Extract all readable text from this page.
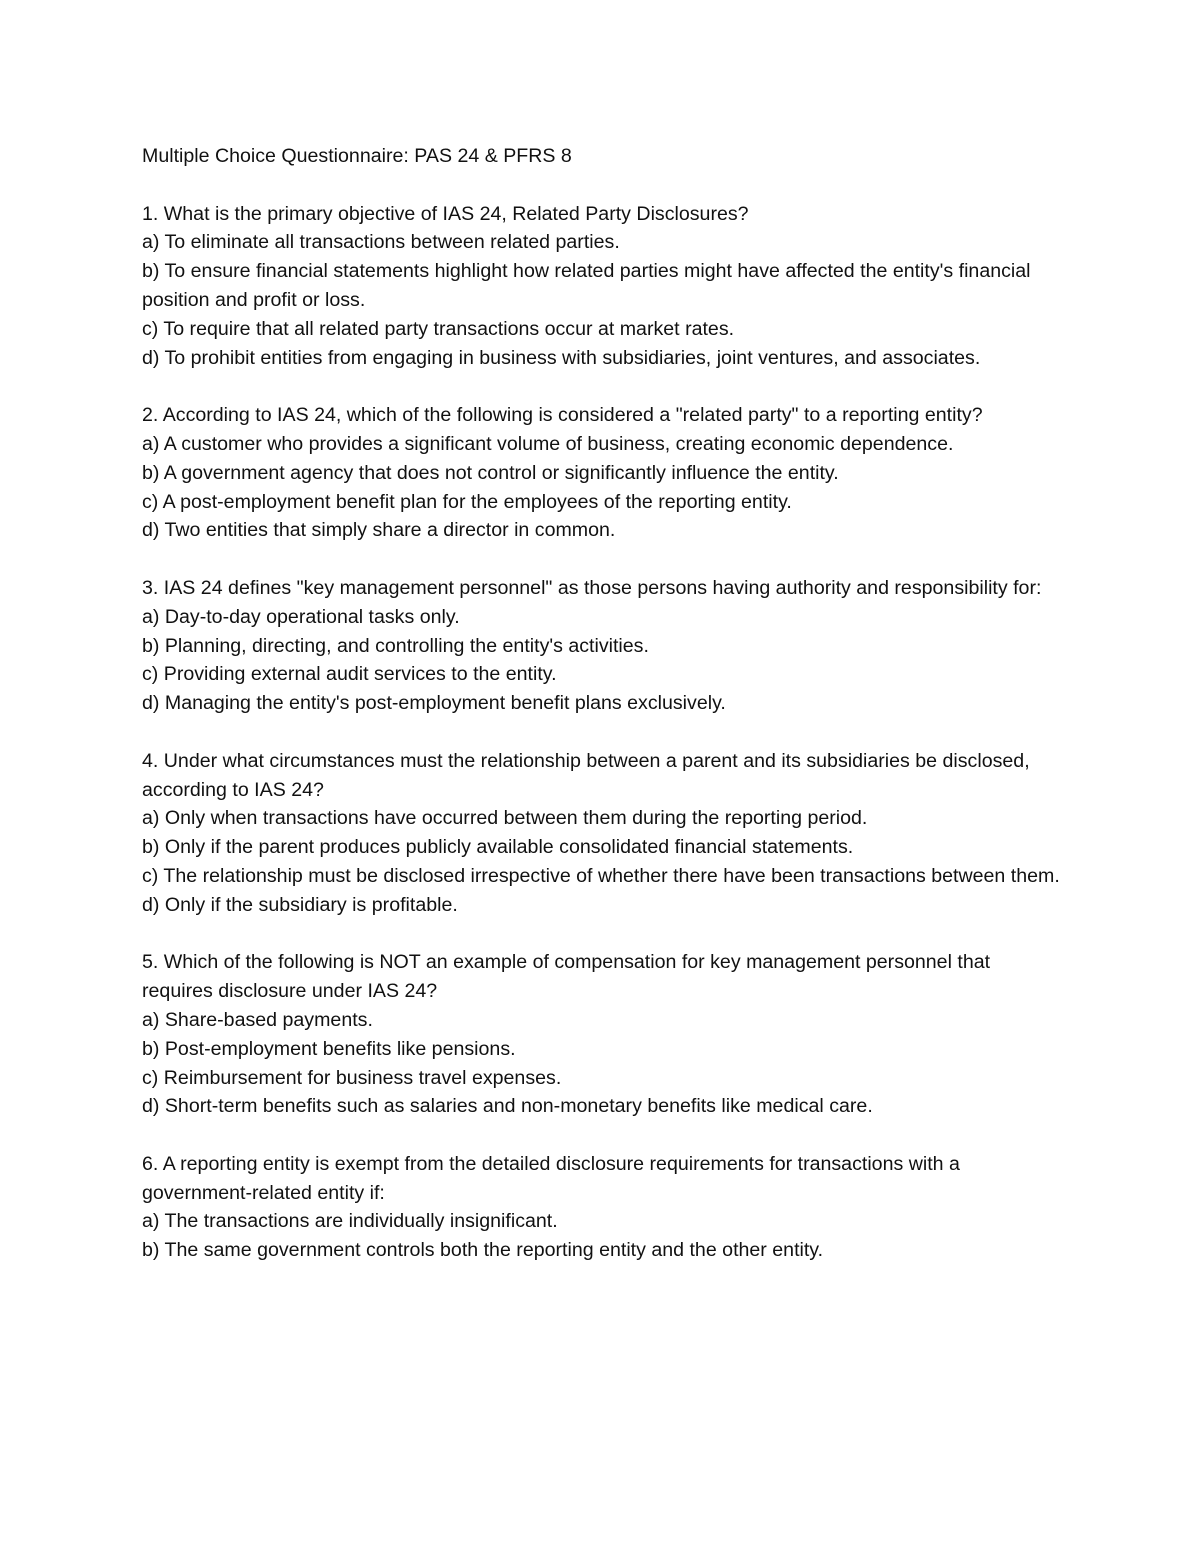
Multiple Choice Questionnaire: PAS 24 & PFRS 8
1. What is the primary objective of IAS 24, Related Party Disclosures?
a) To eliminate all transactions between related parties.
b) To ensure financial statements highlight how related parties might have affected the entity's financial position and profit or loss.
c) To require that all related party transactions occur at market rates.
d) To prohibit entities from engaging in business with subsidiaries, joint ventures, and associates.
2. According to IAS 24, which of the following is considered a "related party" to a reporting entity?
a) A customer who provides a significant volume of business, creating economic dependence.
b) A government agency that does not control or significantly influence the entity.
c) A post-employment benefit plan for the employees of the reporting entity.
d) Two entities that simply share a director in common.
3. IAS 24 defines "key management personnel" as those persons having authority and responsibility for:
a) Day-to-day operational tasks only.
b) Planning, directing, and controlling the entity's activities.
c) Providing external audit services to the entity.
d) Managing the entity's post-employment benefit plans exclusively.
4. Under what circumstances must the relationship between a parent and its subsidiaries be disclosed, according to IAS 24?
a) Only when transactions have occurred between them during the reporting period.
b) Only if the parent produces publicly available consolidated financial statements.
c) The relationship must be disclosed irrespective of whether there have been transactions between them.
d) Only if the subsidiary is profitable.
5. Which of the following is NOT an example of compensation for key management personnel that requires disclosure under IAS 24?
a) Share-based payments.
b) Post-employment benefits like pensions.
c) Reimbursement for business travel expenses.
d) Short-term benefits such as salaries and non-monetary benefits like medical care.
6. A reporting entity is exempt from the detailed disclosure requirements for transactions with a government-related entity if:
a) The transactions are individually insignificant.
b) The same government controls both the reporting entity and the other entity.
